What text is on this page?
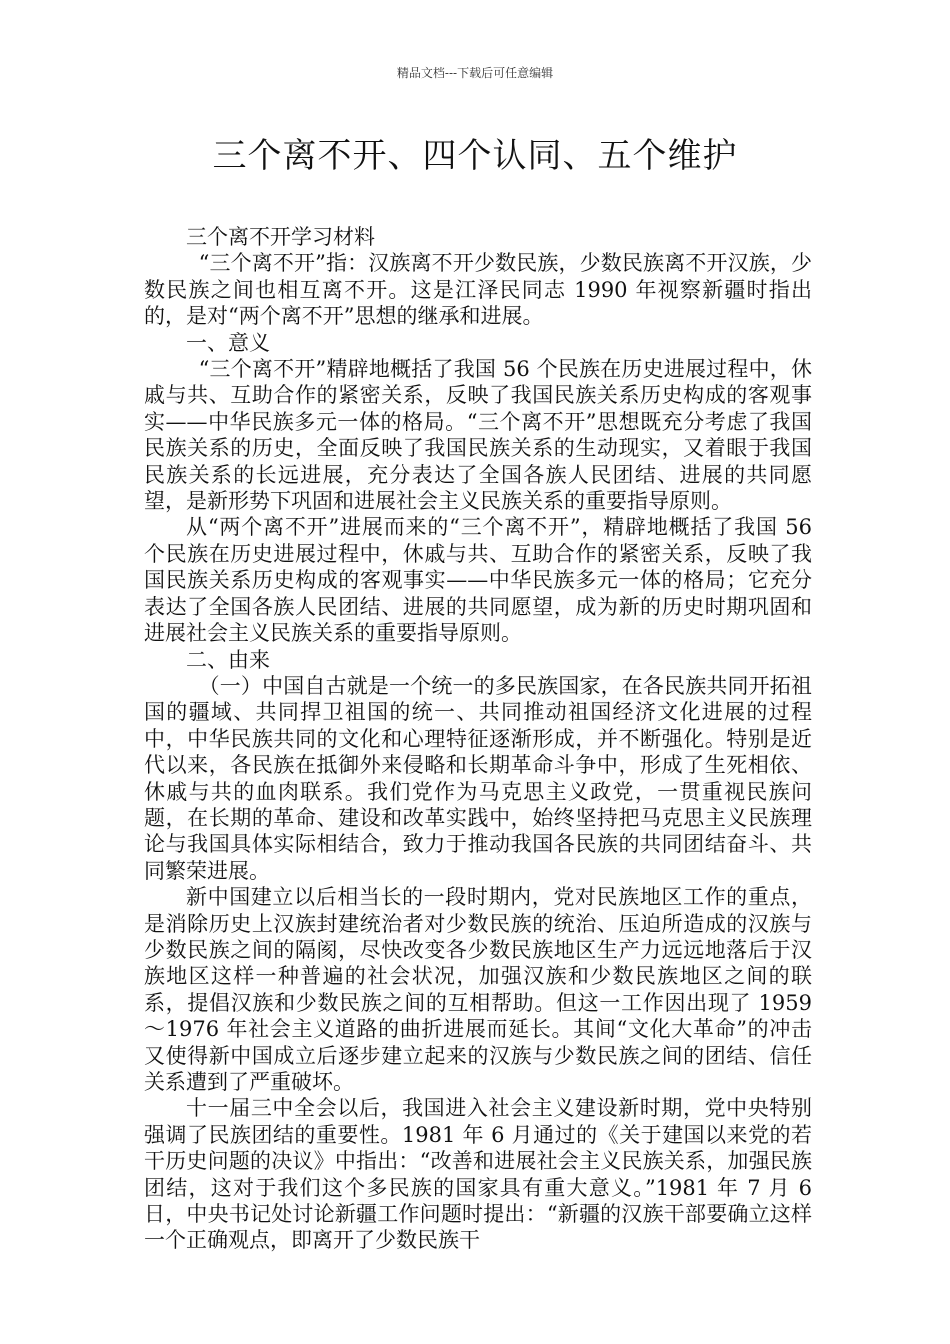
精品文档---下载后可任意编辑
三个离不开、四个认同、五个维护

三个离不开学习材料

“三个离不开”指：汉族离不开少数民族，少数民族离不开汉族，少数民族之间也相互离不开。这是江泽民同志 1990 年视察新疆时指出的，是对“两个离不开”思想的继承和进展。

一、意义

“三个离不开”精辟地概括了我国 56 个民族在历史进展过程中，休戚与共、互助合作的紧密关系，反映了我国民族关系历史构成的客观事实——中华民族多元一体的格局。“三个离不开”思想既充分考虑了我国民族关系的历史，全面反映了我国民族关系的生动现实，又着眼于我国民族关系的长远进展，充分表达了全国各族人民团结、进展的共同愿望，是新形势下巩固和进展社会主义民族关系的重要指导原则。

从“两个离不开”进展而来的“三个离不开”，精辟地概括了我国 56 个民族在历史进展过程中，休戚与共、互助合作的紧密关系，反映了我国民族关系历史构成的客观事实——中华民族多元一体的格局；它充分表达了全国各族人民团结、进展的共同愿望，成为新的历史时期巩固和进展社会主义民族关系的重要指导原则。

二、由来

（一）中国自古就是一个统一的多民族国家，在各民族共同开拓祖国的疆域、共同捍卫祖国的统一、共同推动祖国经济文化进展的过程中，中华民族共同的文化和心理特征逐渐形成，并不断强化。特别是近代以来，各民族在抵御外来侵略和长期革命斗争中，形成了生死相依、休戚与共的血肉联系。我们党作为马克思主义政党，一贯重视民族问题，在长期的革命、建设和改革实践中，始终坚持把马克思主义民族理论与我国具体实际相结合，致力于推动我国各民族的共同团结奋斗、共同繁荣进展。

新中国建立以后相当长的一段时期内，党对民族地区工作的重点，是消除历史上汉族封建统治者对少数民族的统治、压迫所造成的汉族与少数民族之间的隔阂，尽快改变各少数民族地区生产力远远地落后于汉族地区这样一种普遍的社会状况，加强汉族和少数民族地区之间的联系，提倡汉族和少数民族之间的互相帮助。但这一工作因出现了 1959～1976 年社会主义道路的曲折进展而延长。其间“文化大革命”的冲击又使得新中国成立后逐步建立起来的汉族与少数民族之间的团结、信任关系遭到了严重破坏。

十一届三中全会以后，我国进入社会主义建设新时期，党中央特别强调了民族团结的重要性。1981 年 6 月通过的《关于建国以来党的若干历史问题的决议》中指出：“改善和进展社会主义民族关系，加强民族团结，这对于我们这个多民族的国家具有重大意义。”1981 年 7 月 6 日，中央书记处讨论新疆工作问题时提出：“新疆的汉族干部要确立这样一个正确观点，即离开了少数民族干
